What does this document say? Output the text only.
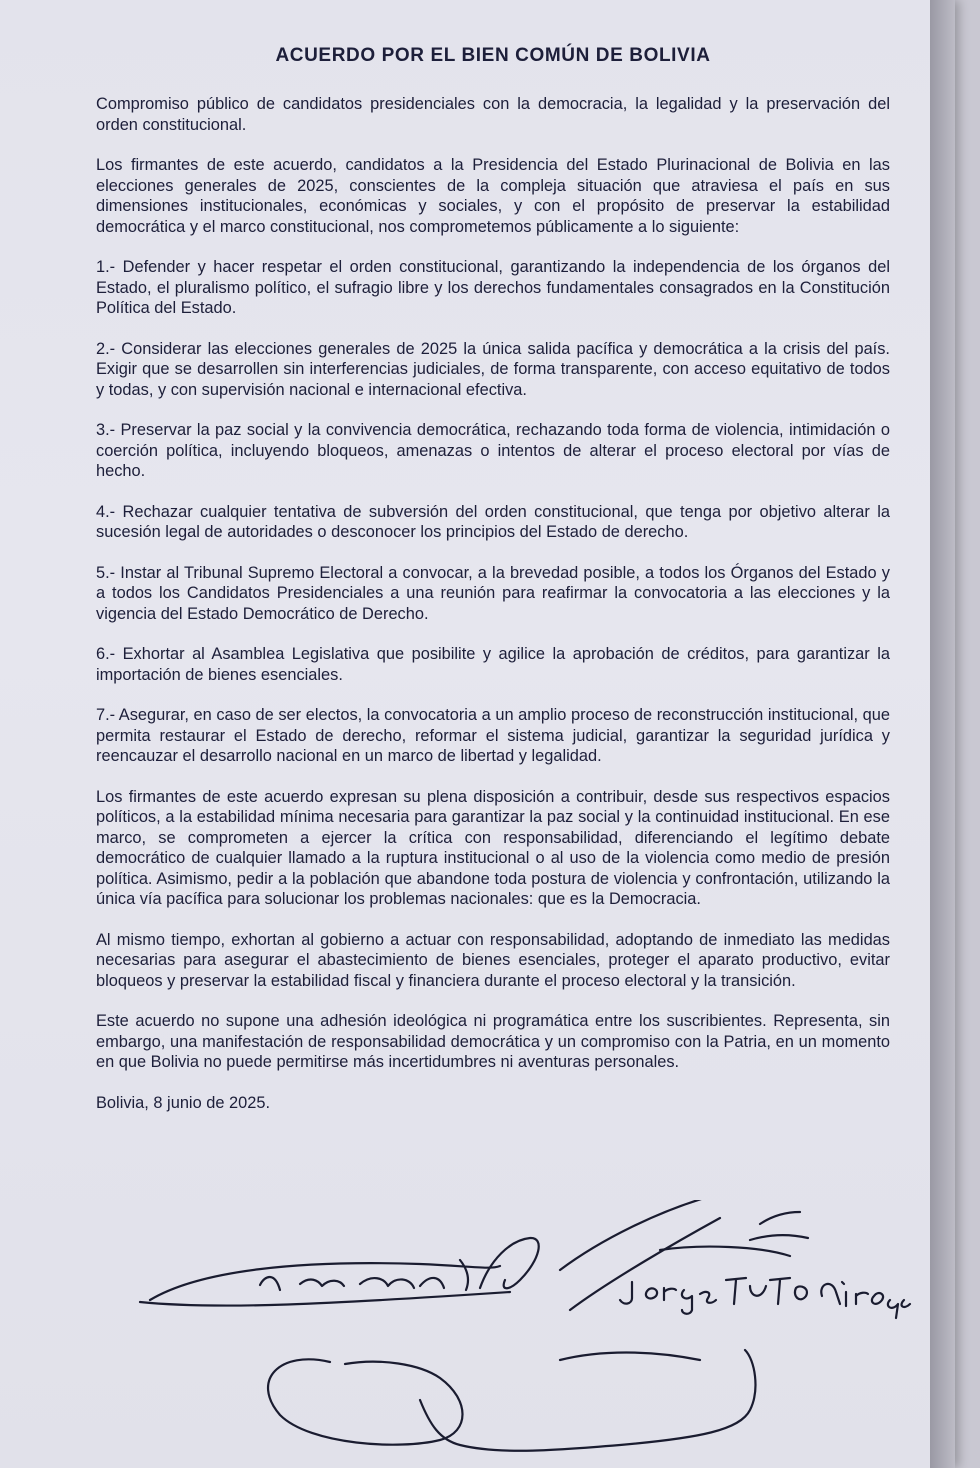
ACUERDO POR EL BIEN COMÚN DE BOLIVIA

Compromiso público de candidatos presidenciales con la democracia, la legalidad y la preservación del orden constitucional.

Los firmantes de este acuerdo, candidatos a la Presidencia del Estado Plurinacional de Bolivia en las elecciones generales de 2025, conscientes de la compleja situación que atraviesa el país en sus dimensiones institucionales, económicas y sociales, y con el propósito de preservar la estabilidad democrática y el marco constitucional, nos comprometemos públicamente a lo siguiente:

1.- Defender y hacer respetar el orden constitucional, garantizando la independencia de los órganos del Estado, el pluralismo político, el sufragio libre y los derechos fundamentales consagrados en la Constitución Política del Estado.
2.- Considerar las elecciones generales de 2025 la única salida pacífica y democrática a la crisis del país. Exigir que se desarrollen sin interferencias judiciales, de forma transparente, con acceso equitativo de todos y todas, y con supervisión nacional e internacional efectiva.
3.- Preservar la paz social y la convivencia democrática, rechazando toda forma de violencia, intimidación o coerción política, incluyendo bloqueos, amenazas o intentos de alterar el proceso electoral por vías de hecho.
4.- Rechazar cualquier tentativa de subversión del orden constitucional, que tenga por objetivo alterar la sucesión legal de autoridades o desconocer los principios del Estado de derecho.
5.- Instar al Tribunal Supremo Electoral a convocar, a la brevedad posible, a todos los Órganos del Estado y a todos los Candidatos Presidenciales a una reunión para reafirmar la convocatoria a las elecciones y la vigencia del Estado Democrático de Derecho.
6.- Exhortar al Asamblea Legislativa que posibilite y agilice la aprobación de créditos, para garantizar la importación de bienes esenciales.
7.- Asegurar, en caso de ser electos, la convocatoria a un amplio proceso de reconstrucción institucional, que permita restaurar el Estado de derecho, reformar el sistema judicial, garantizar la seguridad jurídica y reencauzar el desarrollo nacional en un marco de libertad y legalidad.

Los firmantes de este acuerdo expresan su plena disposición a contribuir, desde sus respectivos espacios políticos, a la estabilidad mínima necesaria para garantizar la paz social y la continuidad institucional. En ese marco, se comprometen a ejercer la crítica con responsabilidad, diferenciando el legítimo debate democrático de cualquier llamado a la ruptura institucional o al uso de la violencia como medio de presión política. Asimismo, pedir a la población que abandone toda postura de violencia y confrontación, utilizando la única vía pacífica para solucionar los problemas nacionales: que es la Democracia.

Al mismo tiempo, exhortan al gobierno a actuar con responsabilidad, adoptando de inmediato las medidas necesarias para asegurar el abastecimiento de bienes esenciales, proteger el aparato productivo, evitar bloqueos y preservar la estabilidad fiscal y financiera durante el proceso electoral y la transición.

Este acuerdo no supone una adhesión ideológica ni programática entre los suscribientes. Representa, sin embargo, una manifestación de responsabilidad democrática y un compromiso con la Patria, en un momento en que Bolivia no puede permitirse más incertidumbres ni aventuras personales.

Bolivia, 8 junio de 2025.
